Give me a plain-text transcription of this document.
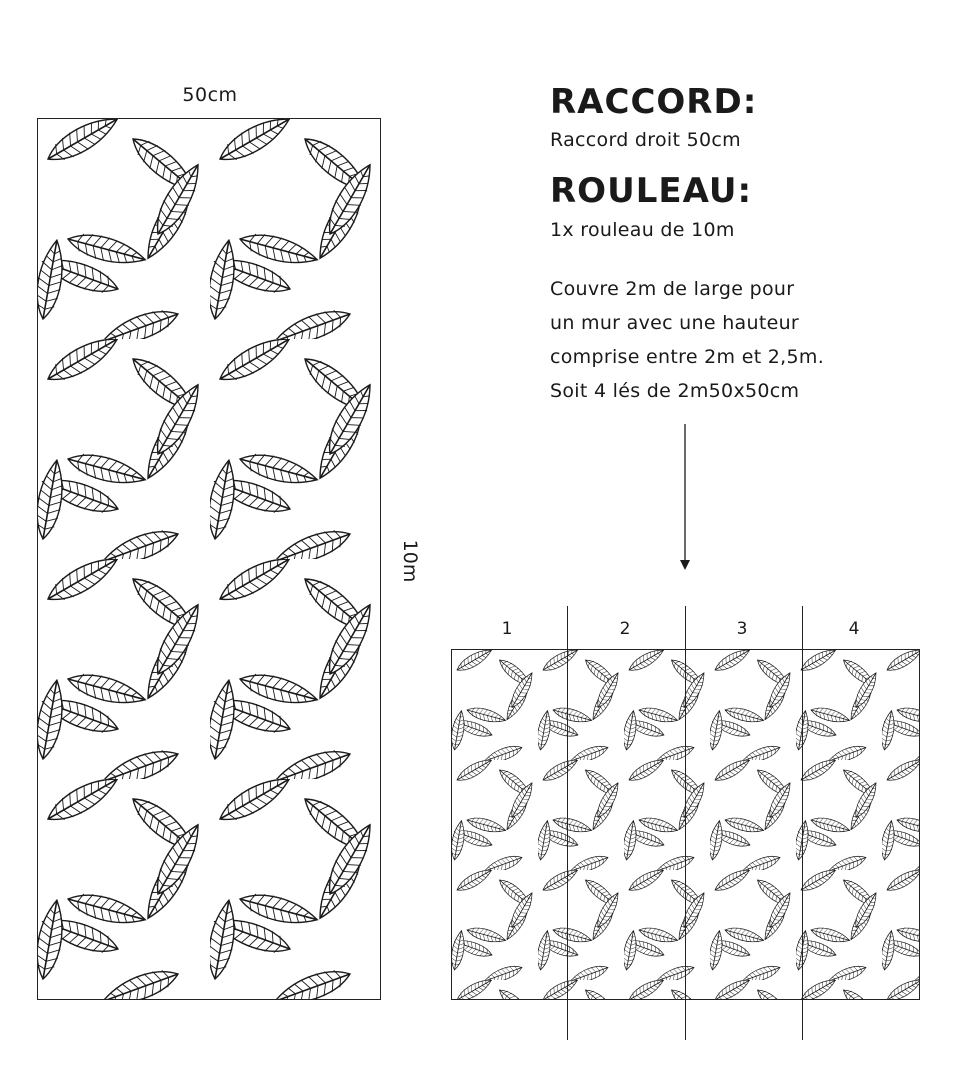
50cm
10m
RACCORD:
Raccord droit 50cm
ROULEAU:
1x rouleau de 10m
Couvre 2m de large pour
un mur avec une hauteur
comprise entre 2m et 2,5m.
Soit 4 lés de 2m50x50cm
1	2	3	4
